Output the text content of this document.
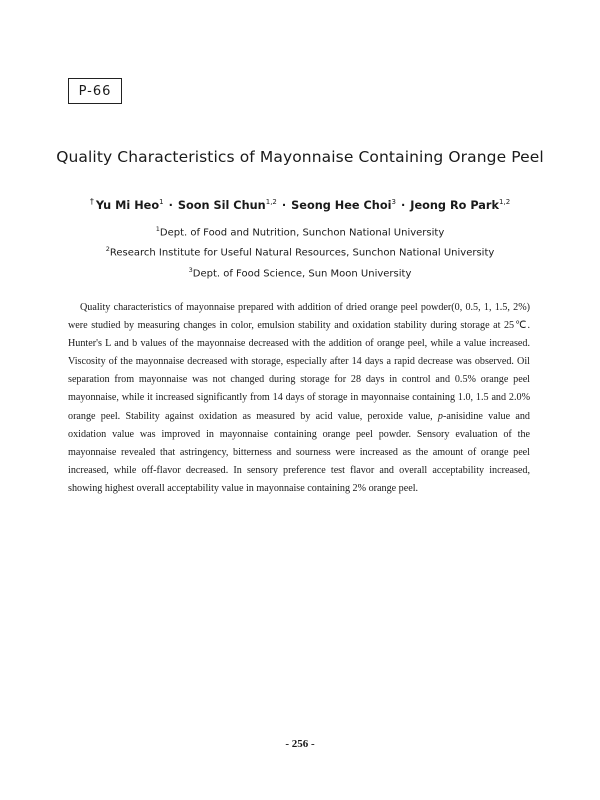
P-66
Quality Characteristics of Mayonnaise Containing Orange Peel
† Yu Mi Heo$^1$ · Soon Sil Chun$^{1,2}$ · Seong Hee Choi$^3$ · Jeong Ro Park$^{1,2}$
$^1$Dept. of Food and Nutrition, Sunchon National University
$^2$Research Institute for Useful Natural Resources, Sunchon National University
$^3$Dept. of Food Science, Sun Moon University

Quality characteristics of mayonnaise prepared with addition of dried orange peel powder(0, 0.5, 1, 1.5, 2%) were studied by measuring changes in color, emulsion stability and oxidation stability during storage at 25℃. Hunter's L and b values of the mayonnaise decreased with the addition of orange peel, while a value increased. Viscosity of the mayonnaise decreased with storage, especially after 14 days a rapid decrease was observed. Oil separation from mayonnaise was not changed during storage for 28 days in control and 0.5% orange peel mayonnaise, while it increased significantly from 14 days of storage in mayonnaise containing 1.0, 1.5 and 2.0% orange peel. Stability against oxidation as measured by acid value, peroxide value, p-anisidine value and oxidation value was improved in mayonnaise containing orange peel powder. Sensory evaluation of the mayonnaise revealed that astringency, bitterness and sourness were increased as the amount of orange peel increased, while off-flavor decreased. In sensory preference test flavor and overall acceptability increased, showing highest overall acceptability value in mayonnaise containing 2% orange peel.

- 256 -
